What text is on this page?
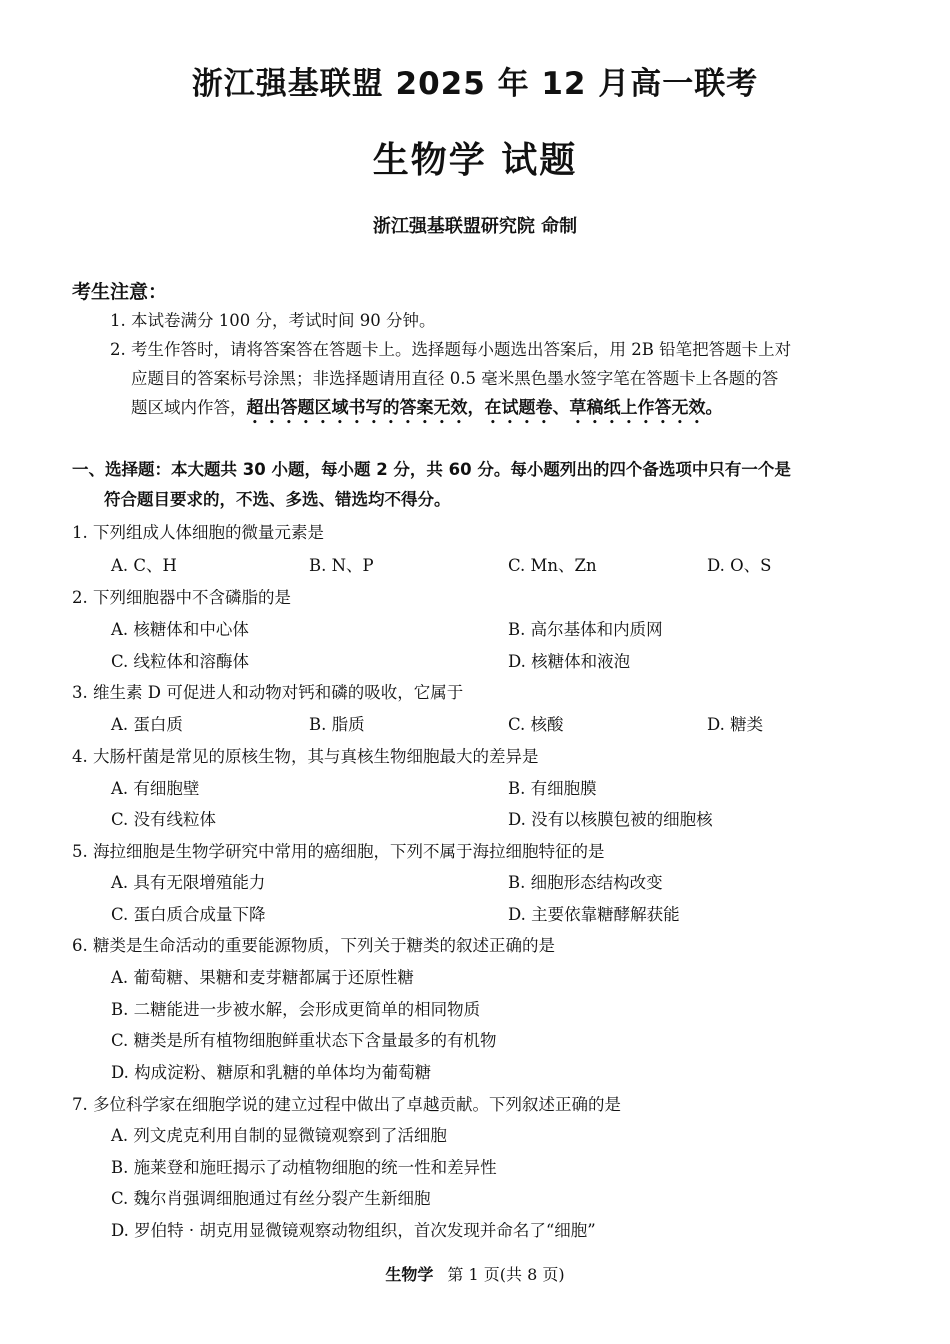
浙江强基联盟 2025 年 12 月高一联考
生物学 试题
浙江强基联盟研究院 命制
考生注意：
1. 本试卷满分 100 分，考试时间 90 分钟。
2. 考生作答时，请将答案答在答题卡上。选择题每小题选出答案后，用 2B 铅笔把答题卡上对
应题目的答案标号涂黑；非选择题请用直径 0.5 毫米黑色墨水签字笔在答题卡上各题的答
题区域内作答，超出答题区域书写的答案无效，在试题卷、草稿纸上作答无效。
一、选择题：本大题共 30 小题，每小题 2 分，共 60 分。每小题列出的四个备选项中只有一个是
符合题目要求的，不选、多选、错选均不得分。
1. 下列组成人体细胞的微量元素是
A. C、H	B. N、P	C. Mn、Zn	D. O、S
2. 下列细胞器中不含磷脂的是
A. 核糖体和中心体	B. 高尔基体和内质网
C. 线粒体和溶酶体	D. 核糖体和液泡
3. 维生素 D 可促进人和动物对钙和磷的吸收，它属于
A. 蛋白质	B. 脂质	C. 核酸	D. 糖类
4. 大肠杆菌是常见的原核生物，其与真核生物细胞最大的差异是
A. 有细胞壁	B. 有细胞膜
C. 没有线粒体	D. 没有以核膜包被的细胞核
5. 海拉细胞是生物学研究中常用的癌细胞，下列不属于海拉细胞特征的是
A. 具有无限增殖能力	B. 细胞形态结构改变
C. 蛋白质合成量下降	D. 主要依靠糖酵解获能
6. 糖类是生命活动的重要能源物质，下列关于糖类的叙述正确的是
A. 葡萄糖、果糖和麦芽糖都属于还原性糖
B. 二糖能进一步被水解，会形成更简单的相同物质
C. 糖类是所有植物细胞鲜重状态下含量最多的有机物
D. 构成淀粉、糖原和乳糖的单体均为葡萄糖
7. 多位科学家在细胞学说的建立过程中做出了卓越贡献。下列叙述正确的是
A. 列文虎克利用自制的显微镜观察到了活细胞
B. 施莱登和施旺揭示了动植物细胞的统一性和差异性
C. 魏尔肖强调细胞通过有丝分裂产生新细胞
D. 罗伯特 · 胡克用显微镜观察动物组织，首次发现并命名了“细胞”
生物学 第 1 页(共 8 页)
